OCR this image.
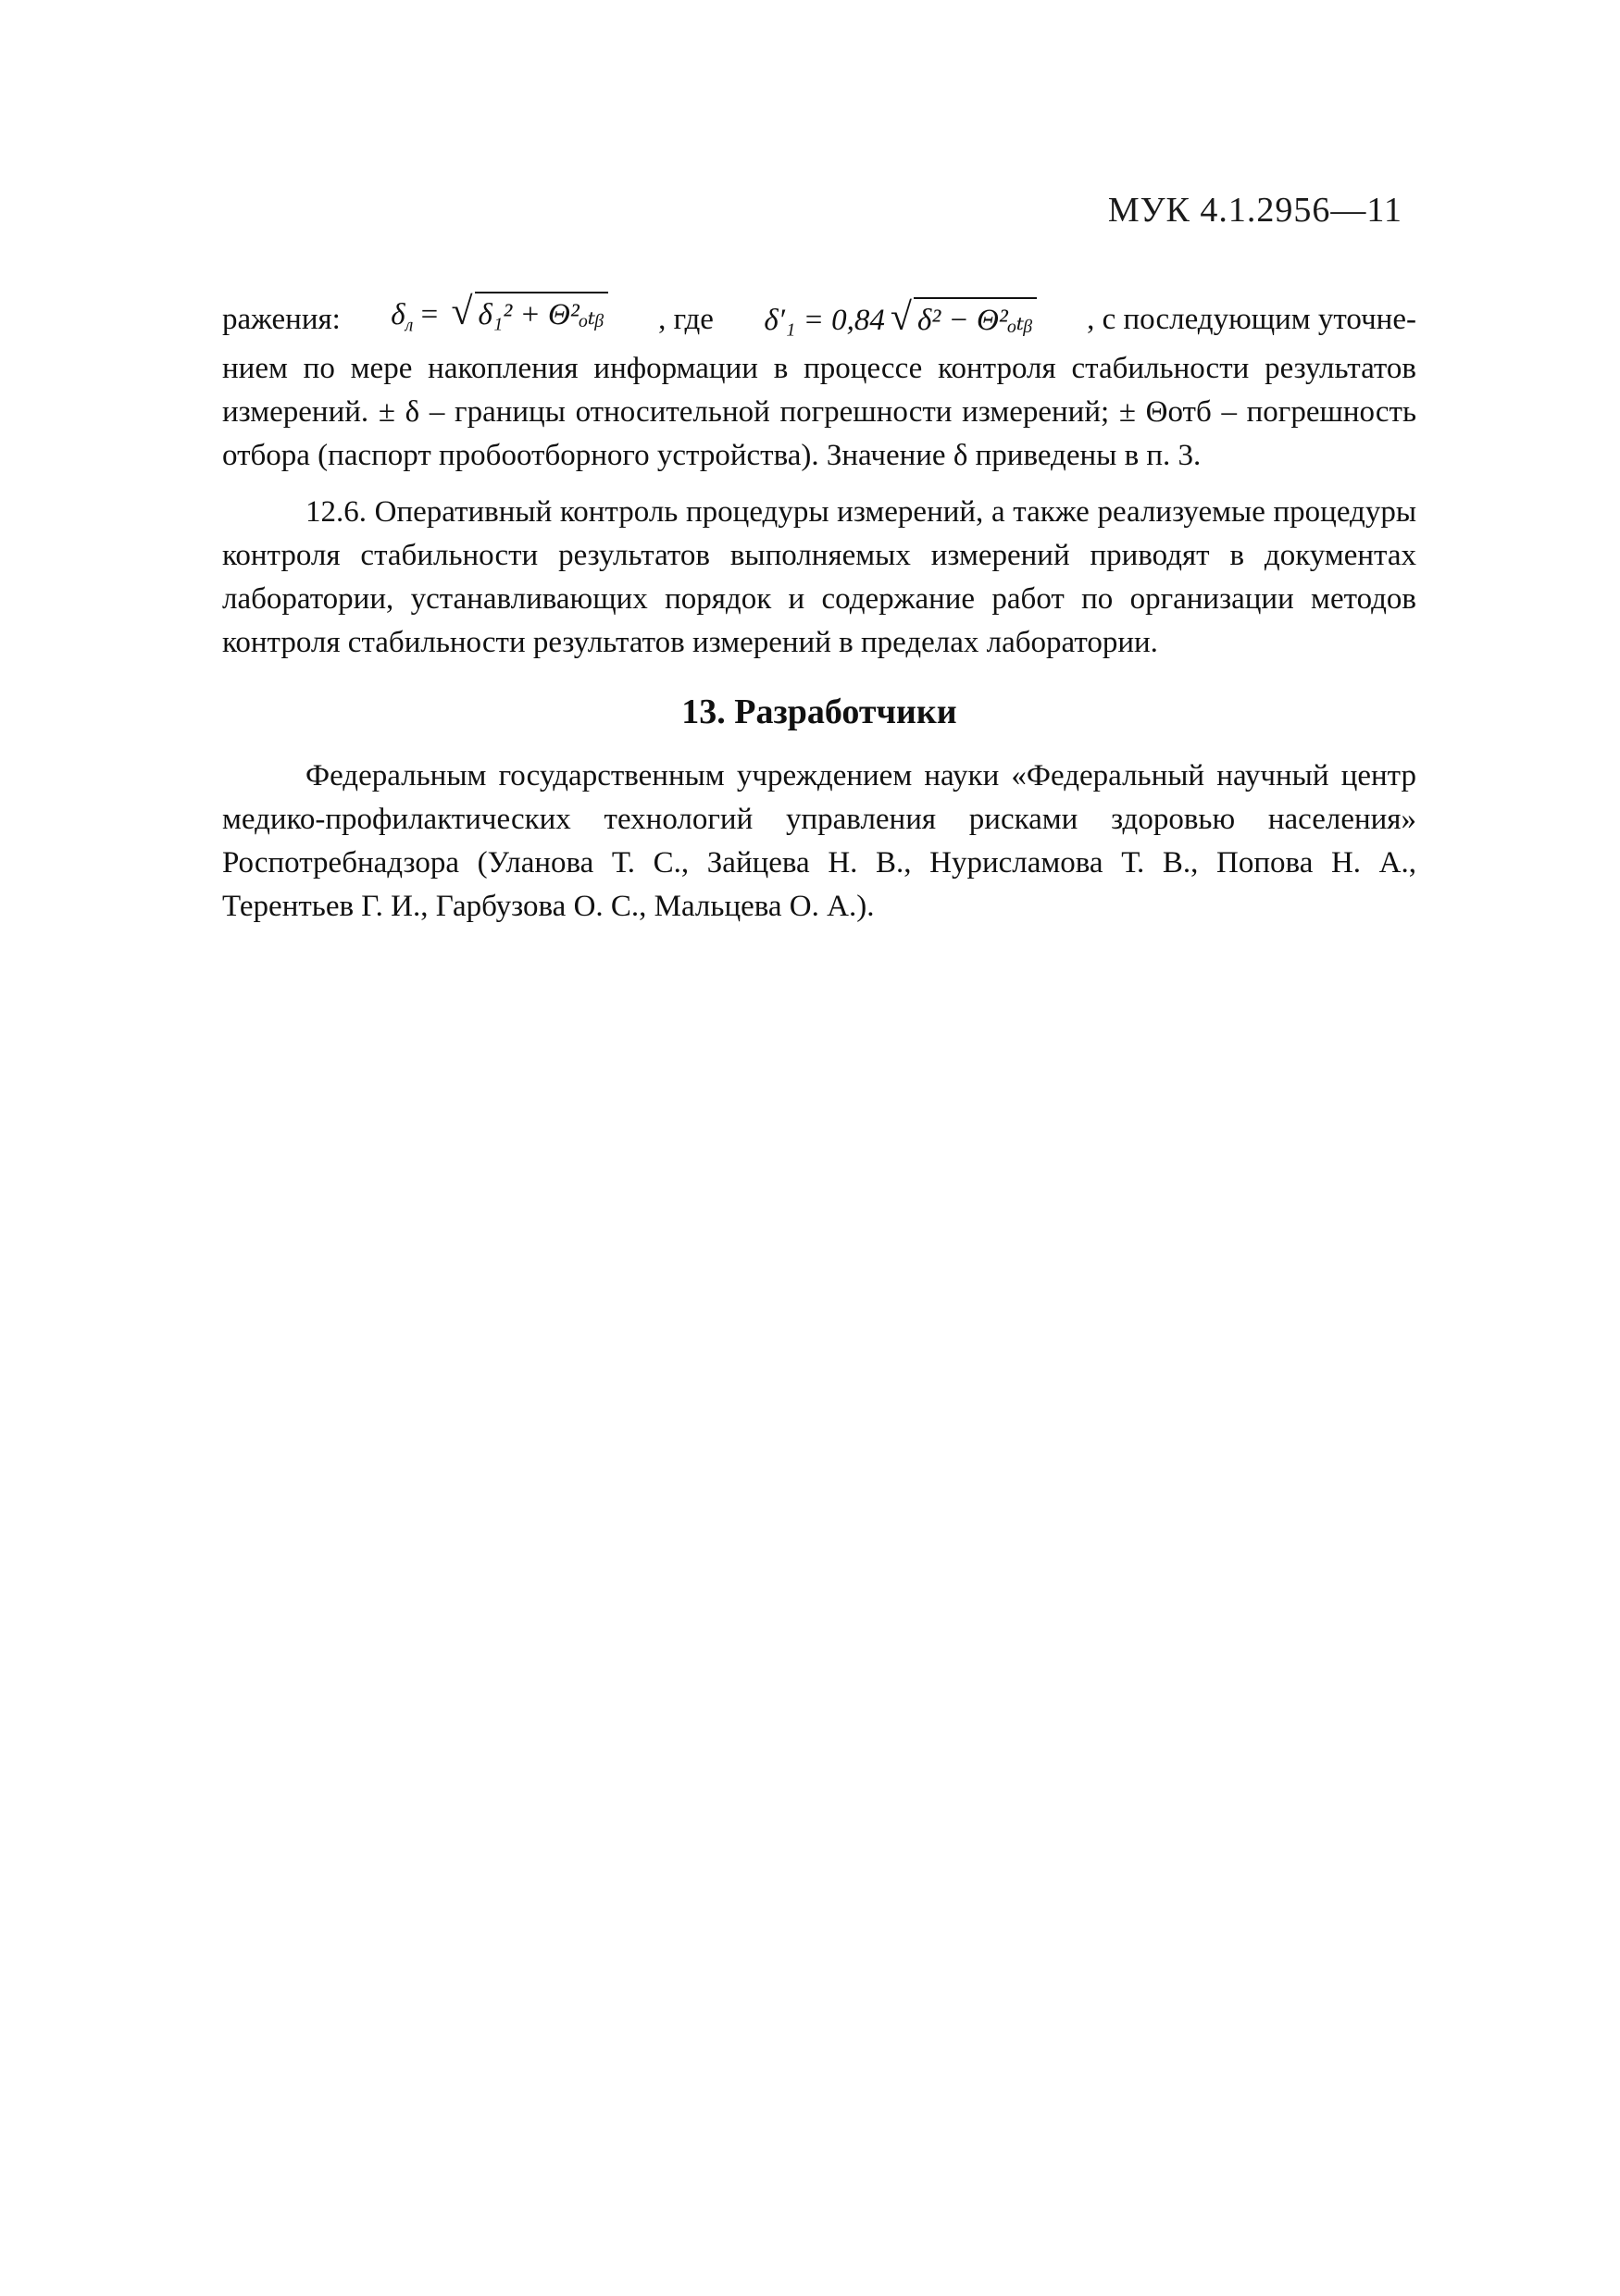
МУК 4.1.2956—11
ражения: $\delta_л$ = √ δ₁² + Θ²ₒₜᵦ , где δ′₁ = 0,84 √ δ² − Θ²ₒₜᵦ , с последующим уточне-

нием по мере накопления информации в процессе контроля стабильности результатов измерений. ± δ – границы относительной погрешности измерений; ± Θотб – погрешность отбора (паспорт пробоотборного устройства). Значение δ приведены в п. 3.

12.6. Оперативный контроль процедуры измерений, а также реализуемые процедуры контроля стабильности результатов выполняемых измерений приводят в документах лаборатории, устанавливающих порядок и содержание работ по организации методов контроля стабильности результатов измерений в пределах лаборатории.

13. Разработчики

Федеральным государственным учреждением науки «Федеральный научный центр медико-профилактических технологий управления рисками здоровью населения» Роспотребнадзора (Уланова Т. С., Зайцева Н. В., Нурисламова Т. В., Попова Н. А., Терентьев Г. И., Гарбузова О. С., Мальцева О. А.).
